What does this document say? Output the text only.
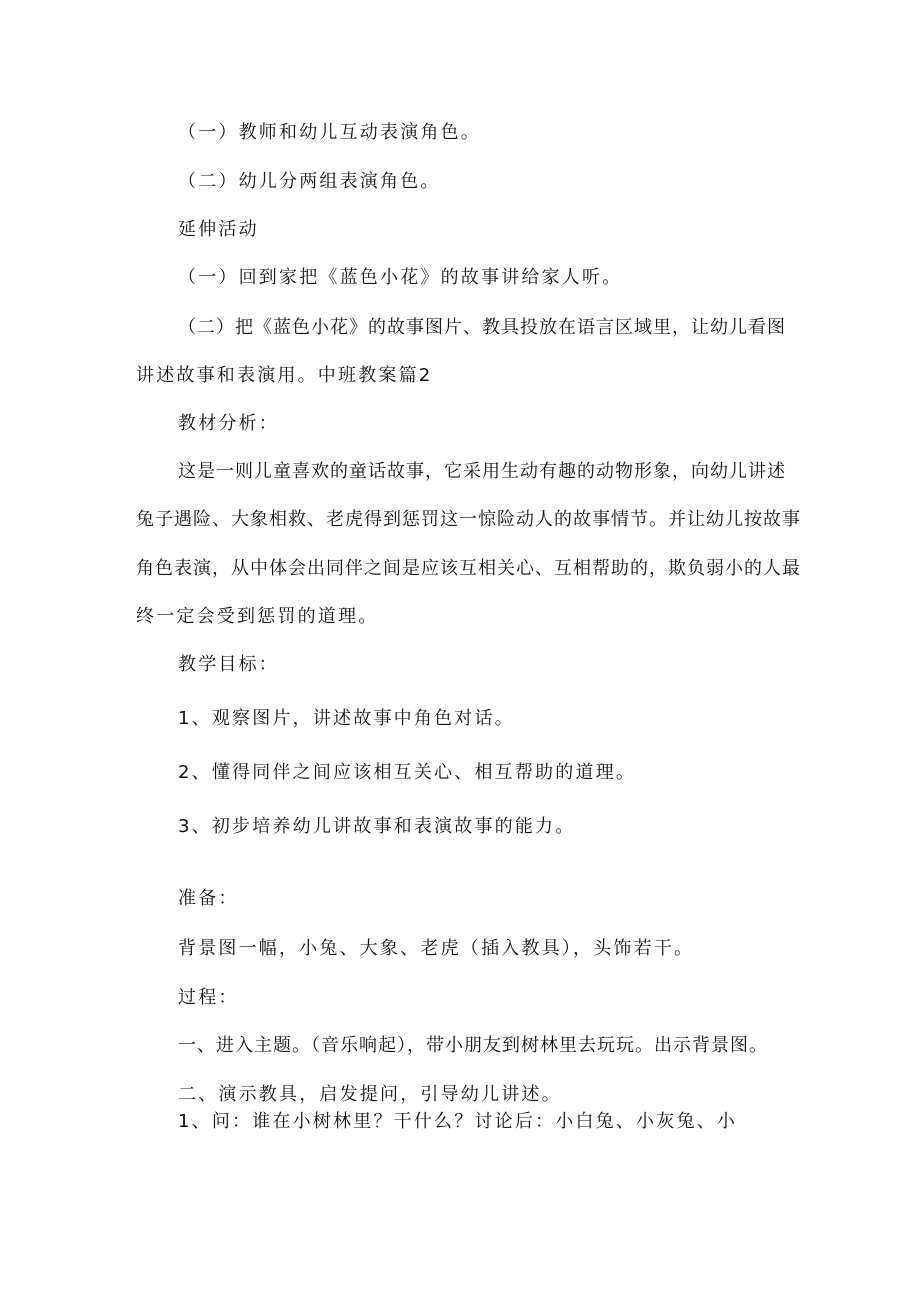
（一）教师和幼儿互动表演角色。
（二）幼儿分两组表演角色。
延伸活动
（一）回到家把《蓝色小花》的故事讲给家人听。
（二）把《蓝色小花》的故事图片、教具投放在语言区域里，让幼儿看图
讲述故事和表演用。中班教案篇2
教材分析：
这是一则儿童喜欢的童话故事，它采用生动有趣的动物形象，向幼儿讲述
兔子遇险、大象相救、老虎得到惩罚这一惊险动人的故事情节。并让幼儿按故事
角色表演，从中体会出同伴之间是应该互相关心、互相帮助的，欺负弱小的人最
终一定会受到惩罚的道理。
教学目标：
1、观察图片，讲述故事中角色对话。
2、懂得同伴之间应该相互关心、相互帮助的道理。
3、初步培养幼儿讲故事和表演故事的能力。
准备：
背景图一幅，小兔、大象、老虎（插入教具），头饰若干。
过程：
一、进入主题。（音乐响起），带小朋友到树林里去玩玩。出示背景图。
二、演示教具，启发提问，引导幼儿讲述。
1、问：谁在小树林里？干什么？讨论后：小白兔、小灰兔、小
